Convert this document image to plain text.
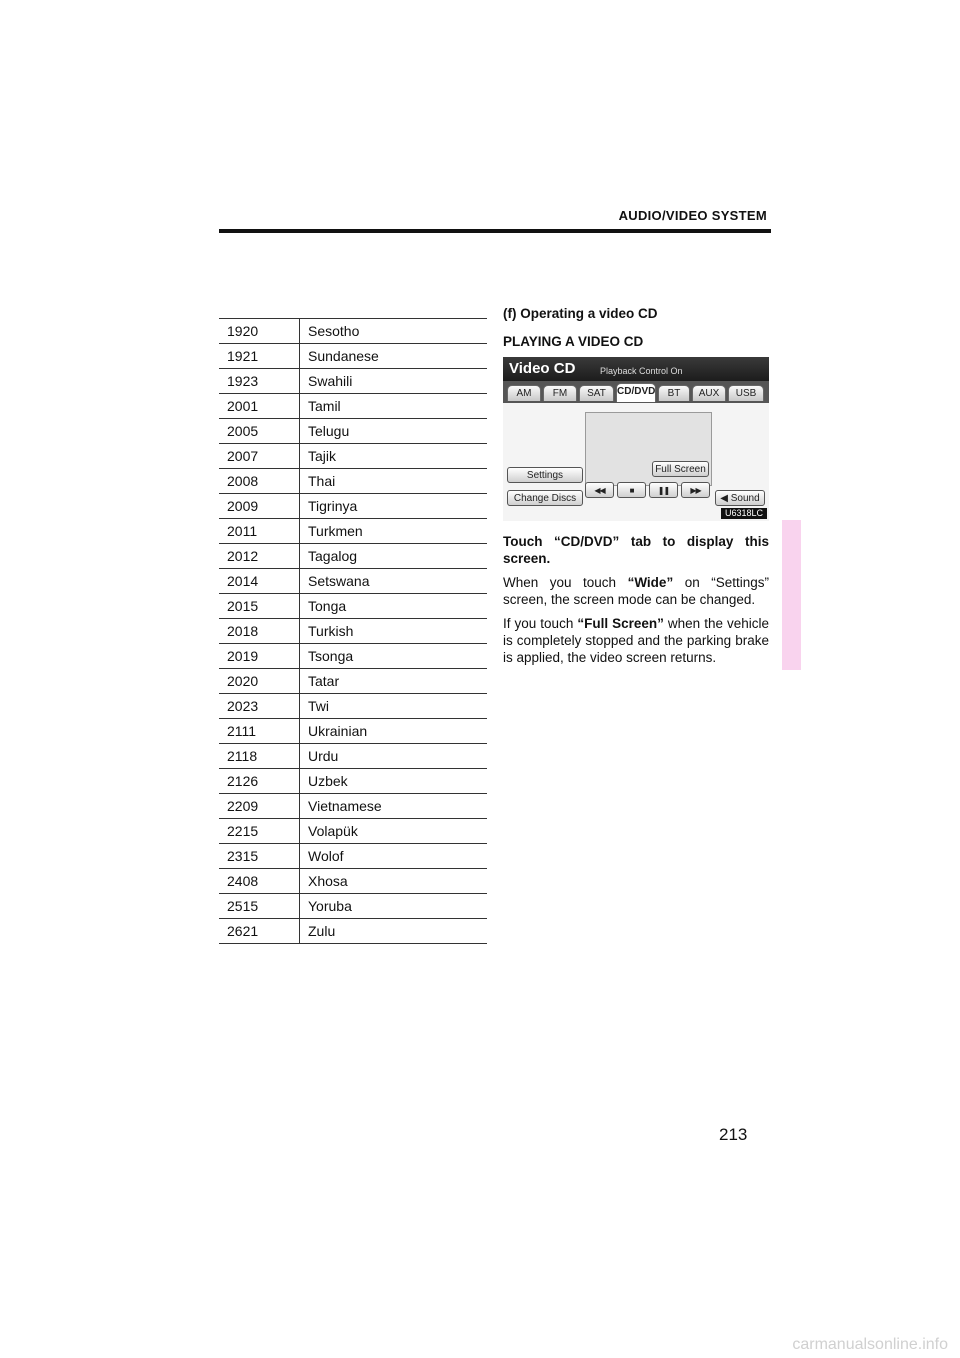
AUDIO/VIDEO SYSTEM
1920	Sesotho
1921	Sundanese
1923	Swahili
2001	Tamil
2005	Telugu
2007	Tajik
2008	Thai
2009	Tigrinya
2011	Turkmen
2012	Tagalog
2014	Setswana
2015	Tonga
2018	Turkish
2019	Tsonga
2020	Tatar
2023	Twi
2111	Ukrainian
2118	Urdu
2126	Uzbek
2209	Vietnamese
2215	Volapük
2315	Wolof
2408	Xhosa
2515	Yoruba
2621	Zulu
(f) Operating a video CD
PLAYING A VIDEO CD
Video CD	Playback Control On
AM	FM	SAT	CD/DVD	BT	AUX	USB
Settings
Change Discs
Full Screen
◀◀	■	❚❚	▶▶
◀ Sound
U6318LC

Touch “CD/DVD” tab to display this screen.

When you touch “Wide” on “Settings” screen, the screen mode can be changed.

If you touch “Full Screen” when the vehicle is completely stopped and the parking brake is applied, the video screen returns.

213
carmanualsonline.info
